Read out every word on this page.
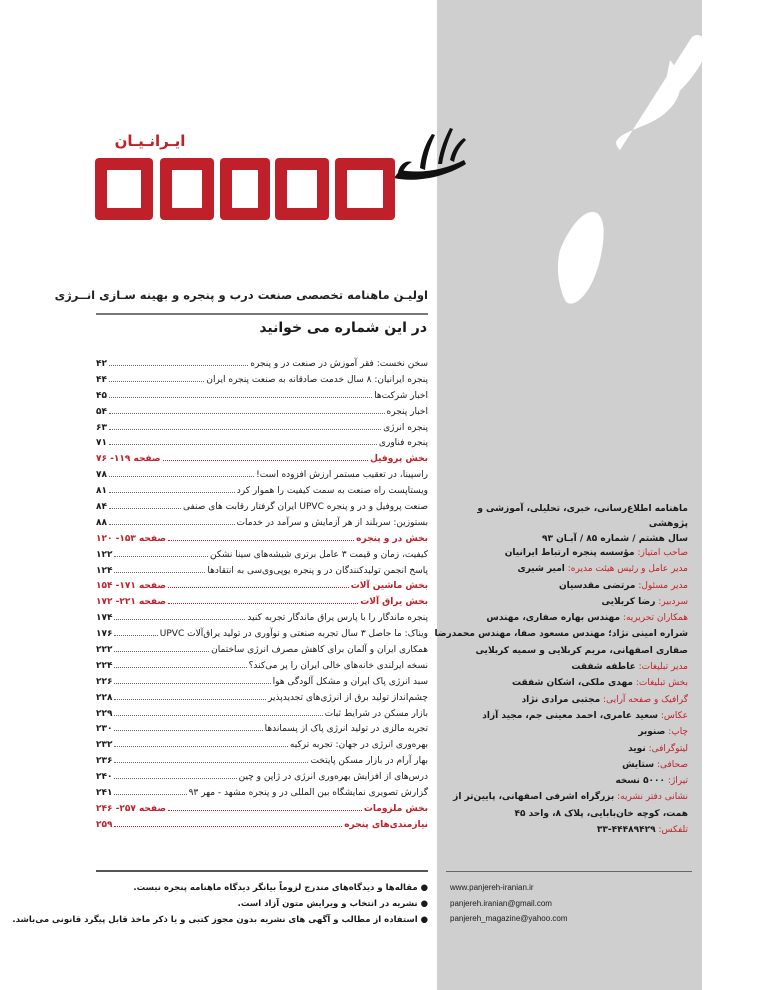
ایـرانـیـان
اولیـن ماهنامه تخصصی صنعت درب و پنجره و بهینه سـازی انــرژی
در این شماره می خوانید
سخن نخست: فقر آموزش در صنعت در و پنجره
۴۲
پنجره ایرانیان: ۸ سال خدمت صادقانه به صنعت پنجره ایران
۴۴
اخبار شرکت‌ها
۴۵
اخبار پنجره
۵۴
پنجره انرژی
۶۳
پنجره فناوری
۷۱
بخش پروفیل
صفحه ۱۱۹- ۷۶
راسپینا، در تعقیب مستمر ارزش افزوده است!
۷۸
ویستاپست راه صنعت به سمت کیفیت را هموار کرد
۸۱
صنعت پروفیل و در و پنجره UPVC ایران گرفتار رقابت های صنفی
۸۴
بستوزین: سربلند از هر آزمایش و سرآمد در خدمات
۸۸
بخش در و پنجره
صفحه ۱۵۳- ۱۲۰
کیفیت، زمان و قیمت ۳ عامل برتری شیشه‌های سینا نشکن
۱۲۲
پاسخ انجمن تولیدکنندگان در و پنجره یوپی‌وی‌سی به انتقادها
۱۲۴
بخش ماشین آلات
صفحه ۱۷۱- ۱۵۴
بخش یراق آلات
صفحه ۲۲۱- ۱۷۲
پنجره ماندگار را با پارس یراق ماندگار تجربه کنید
۱۷۴
ویناک: ما حاصل ۳ سال تجربه صنعتی و نوآوری در تولید یراق‌آلات UPVC
۱۷۶
همکاری ایران و آلمان برای کاهش مصرف انرژی ساختمان
۲۲۲
نسخه ایرلندی خانه‌های خالی ایران را پر می‌کند؟
۲۲۴
سبد انرژی پاک ایران و مشکل آلودگی هوا
۲۲۶
چشم‌انداز تولید برق از انرژی‌های تجدیدپذیر
۲۲۸
بازار مسکن در شرایط ثبات
۲۲۹
تجربه مالزی در تولید انرژی پاک از پسماندها
۲۳۰
بهره‌وری انرژی در جهان: تجربه ترکیه
۲۳۲
بهار آرام در بازار مسکن پایتخت
۲۳۶
درس‌های از افزایش بهره‌وری انرژی در ژاپن و چین
۲۴۰
گزارش تصویری نمایشگاه بین المللی در و پنجره مشهد - مهر ۹۳
۲۴۱
بخش ملزومات
صفحه ۲۵۷- ۲۴۶
نیازمندی‌های پنجره
۲۵۹
● مقاله‌ها و دیدگاه‌های مندرج لزوماً بیانگر دیدگاه ماهنامه پنجره نیست.
● نشریه در انتخاب و ویرایش متون آزاد است.
● استفاده از مطالب و آگهی های نشریه بدون مجوز کتبی و یا ذکر ماخذ قابل پیگرد قانونی می‌باشد.
ماهنامه اطلاع‌رسانی، خبری، تحلیلی، آموزشی و پژوهشی
سال هشتم / شماره ۸۵ / آبـان ۹۳
صاحب امتیاز: مؤسسه پنجره ارتباط ایرانیان
مدیر عامل و رئیس هیئت مدیره: امیر شیری
مدیر مسئول: مرتضی مقدسیان
سردبیر: رضا کربلایی
همکاران تحریریه: مهندس بهاره صفاری، مهندس
شراره امینی نژاد؛ مهندس مسعود صفا، مهندس محمدرضا
صفاری اصفهانی، مریم کربلایی و سمیه کربلایی
مدیر تبلیغات: عاطفه شفقت
بخش تبلیغات: مهدی ملکی، اشکان شفقت
گرافیک و صفحه آرایی: مجتبی مرادی نژاد
عکاس: سعید عامری، احمد معینی جم، مجید آزاد
چاپ: صنوبر
لیتوگرافی: نوید
صحافی: ستایش
تیراژ: ۵۰۰۰ نسخه
نشانی دفتر نشریه: بزرگراه اشرفی اصفهانی، پایین‌تر از
همت، کوچه خان‌بابایی، پلاک ۸، واحد ۴۵
تلفکس: ۴۴۴۸۹۴۲۹-۳۳
www.panjereh-iranian.ir
panjereh.iranian@gmail.com
panjereh_magazine@yahoo.com
